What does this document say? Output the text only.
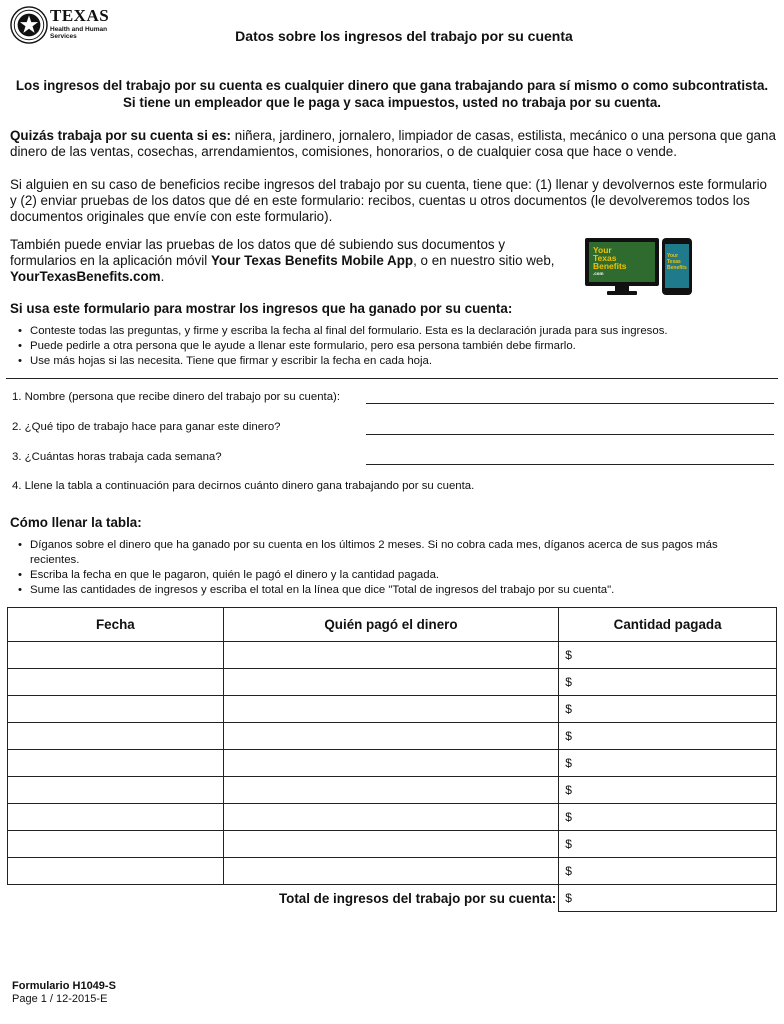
TEXAS
Health and Human Services	Datos sobre los ingresos del trabajo por su cuenta
Los ingresos del trabajo por su cuenta es cualquier dinero que gana trabajando para sí mismo o como subcontratista. Si tiene un empleador que le paga y saca impuestos, usted no trabaja por su cuenta.
Quizás trabaja por su cuenta si es: niñera, jardinero, jornalero, limpiador de casas, estilista, mecánico o una persona que gana dinero de las ventas, cosechas, arrendamientos, comisiones, honorarios, o de cualquier cosa que hace o vende.
Si alguien en su caso de beneficios recibe ingresos del trabajo por su cuenta, tiene que: (1) llenar y devolvernos este formulario y (2) enviar pruebas de los datos que dé en este formulario: recibos, cuentas u otros documentos (le devolveremos todos los documentos originales que envíe con este formulario).
También puede enviar las pruebas de los datos que dé subiendo sus documentos y formularios en la aplicación móvil Your Texas Benefits Mobile App, o en nuestro sitio web, YourTexasBenefits.com.
Your
Texas
Benefits
.com
Your
Texas
Benefits
Si usa este formulario para mostrar los ingresos que ha ganado por su cuenta:
• Conteste todas las preguntas, y firme y escriba la fecha al final del formulario. Esta es la declaración jurada para sus ingresos.
• Puede pedirle a otra persona que le ayude a llenar este formulario, pero esa persona también debe firmarlo.
• Use más hojas si las necesita. Tiene que firmar y escribir la fecha en cada hoja.
1. Nombre (persona que recibe dinero del trabajo por su cuenta):
2. ¿Qué tipo de trabajo hace para ganar este dinero?
3. ¿Cuántas horas trabaja cada semana?
4. Llene la tabla a continuación para decirnos cuánto dinero gana trabajando por su cuenta.
Cómo llenar la tabla:
• Díganos sobre el dinero que ha ganado por su cuenta en los últimos 2 meses. Si no cobra cada mes, díganos acerca de sus pagos más recientes.
• Escriba la fecha en que le pagaron, quién le pagó el dinero y la cantidad pagada.
• Sume las cantidades de ingresos y escriba el total en la línea que dice "Total de ingresos del trabajo por su cuenta".
Fecha	Quién pagó el dinero	Cantidad pagada
		$
		$
		$
		$
		$
		$
		$
		$
		$
Total de ingresos del trabajo por su cuenta:		$
Formulario H1049-S
Page 1 / 12-2015-E
